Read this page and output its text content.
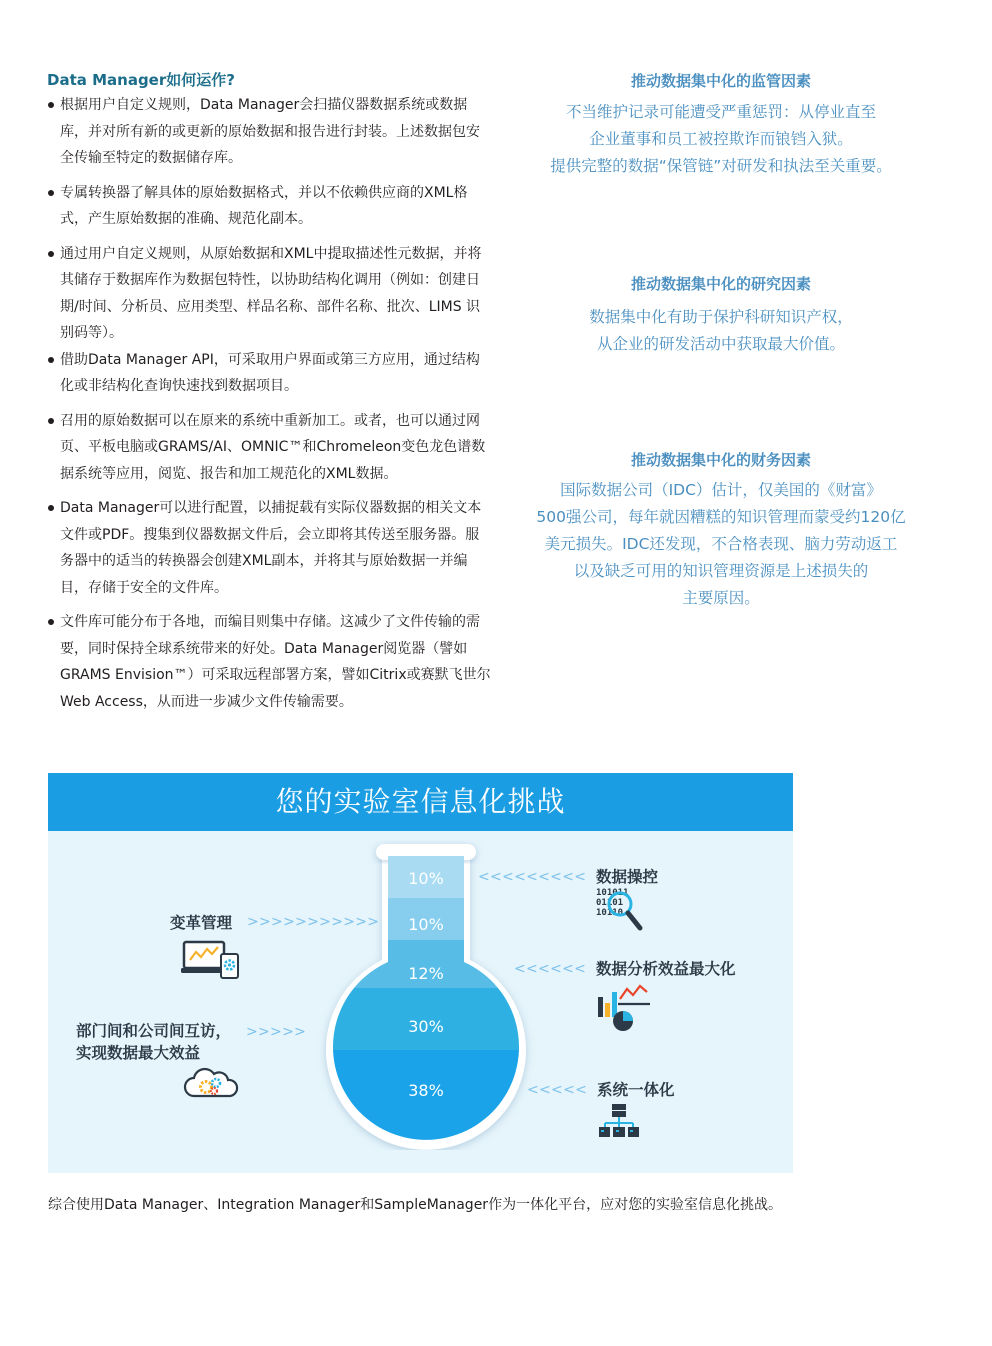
Data Manager如何运作?
根据用户自定义规则，Data Manager会扫描仪器数据系统或数据库，并对所有新的或更新的原始数据和报告进行封装。上述数据包安全传输至特定的数据储存库。
专属转换器了解具体的原始数据格式，并以不依赖供应商的XML格式，产生原始数据的准确、规范化副本。
通过用户自定义规则，从原始数据和XML中提取描述性元数据，并将其储存于数据库作为数据包特性，以协助结构化调用（例如：创建日期/时间、分析员、应用类型、样品名称、部件名称、批次、LIMS 识别码等）。
借助Data Manager API，可采取用户界面或第三方应用，通过结构化或非结构化查询快速找到数据项目。
召用的原始数据可以在原来的系统中重新加工。或者，也可以通过网页、平板电脑或GRAMS/AI、OMNIC™和Chromeleon变色龙色谱数据系统等应用，阅览、报告和加工规范化的XML数据。
Data Manager可以进行配置，以捕捉载有实际仪器数据的相关文本文件或PDF。搜集到仪器数据文件后，会立即将其传送至服务器。服务器中的适当的转换器会创建XML副本，并将其与原始数据一并编目，存储于安全的文件库。
文件库可能分布于各地，而编目则集中存储。这减少了文件传输的需要，同时保持全球系统带来的好处。Data Manager阅览器（譬如GRAMS Envision™）可采取远程部署方案，譬如Citrix或赛默飞世尔Web Access，从而进一步减少文件传输需要。
推动数据集中化的监管因素
不当维护记录可能遭受严重惩罚：从停业直至
企业董事和员工被控欺诈而锒铛入狱。
提供完整的数据“保管链”对研发和执法至关重要。
推动数据集中化的研究因素
数据集中化有助于保护科研知识产权，
从企业的研发活动中获取最大价值。
推动数据集中化的财务因素
国际数据公司（IDC）估计，仅美国的《财富》
500强公司，每年就因糟糕的知识管理而蒙受约120亿
美元损失。IDC还发现，不合格表现、脑力劳动返工
以及缺乏可用的知识管理资源是上述损失的
主要原因。
您的实验室信息化挑战
10%
10%
12%
30%
38%
<<<<<<<<< 数据操控
101011
01101
10110
变革管理 >>>>>>>>>>>
<<<<<< 数据分析效益最大化
部门间和公司间互访，
实现数据最大效益
>>>>>
<<<<< 系统一体化
综合使用Data Manager、Integration Manager和SampleManager作为一体化平台，应对您的实验室信息化挑战。
